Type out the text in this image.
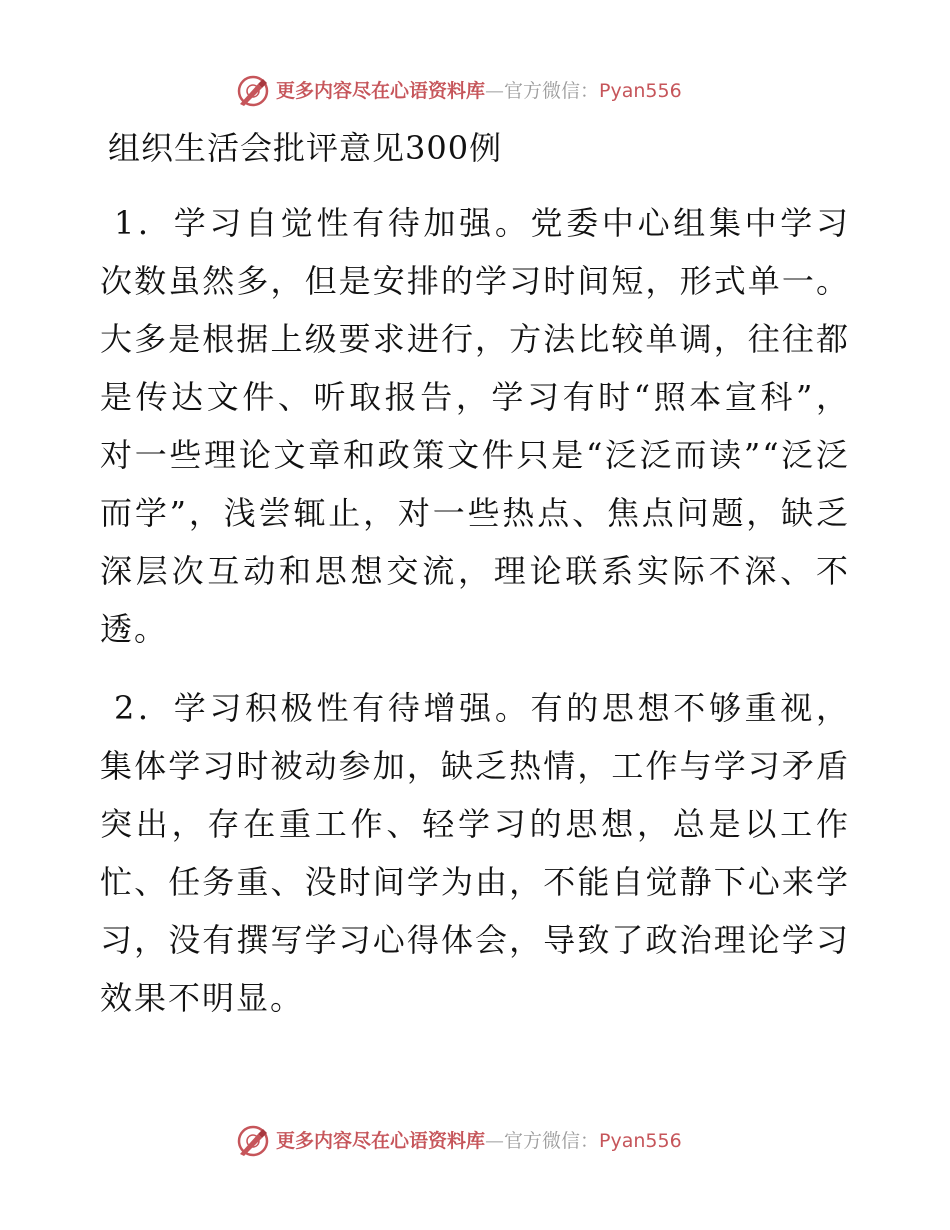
更多内容尽在心语资料库—官方微信：Pyan556
组织生活会批评意见300例

1．学习自觉性有待加强。党委中心组集中学习次数虽然多，但是安排的学习时间短，形式单一。大多是根据上级要求进行，方法比较单调，往往都是传达文件、听取报告，学习有时“照本宣科”，对一些理论文章和政策文件只是“泛泛而读”“泛泛而学”，浅尝辄止，对一些热点、焦点问题，缺乏深层次互动和思想交流，理论联系实际不深、不透。

2．学习积极性有待增强。有的思想不够重视，集体学习时被动参加，缺乏热情，工作与学习矛盾突出，存在重工作、轻学习的思想，总是以工作忙、任务重、没时间学为由，不能自觉静下心来学习，没有撰写学习心得体会，导致了政治理论学习效果不明显。

更多内容尽在心语资料库—官方微信：Pyan556
